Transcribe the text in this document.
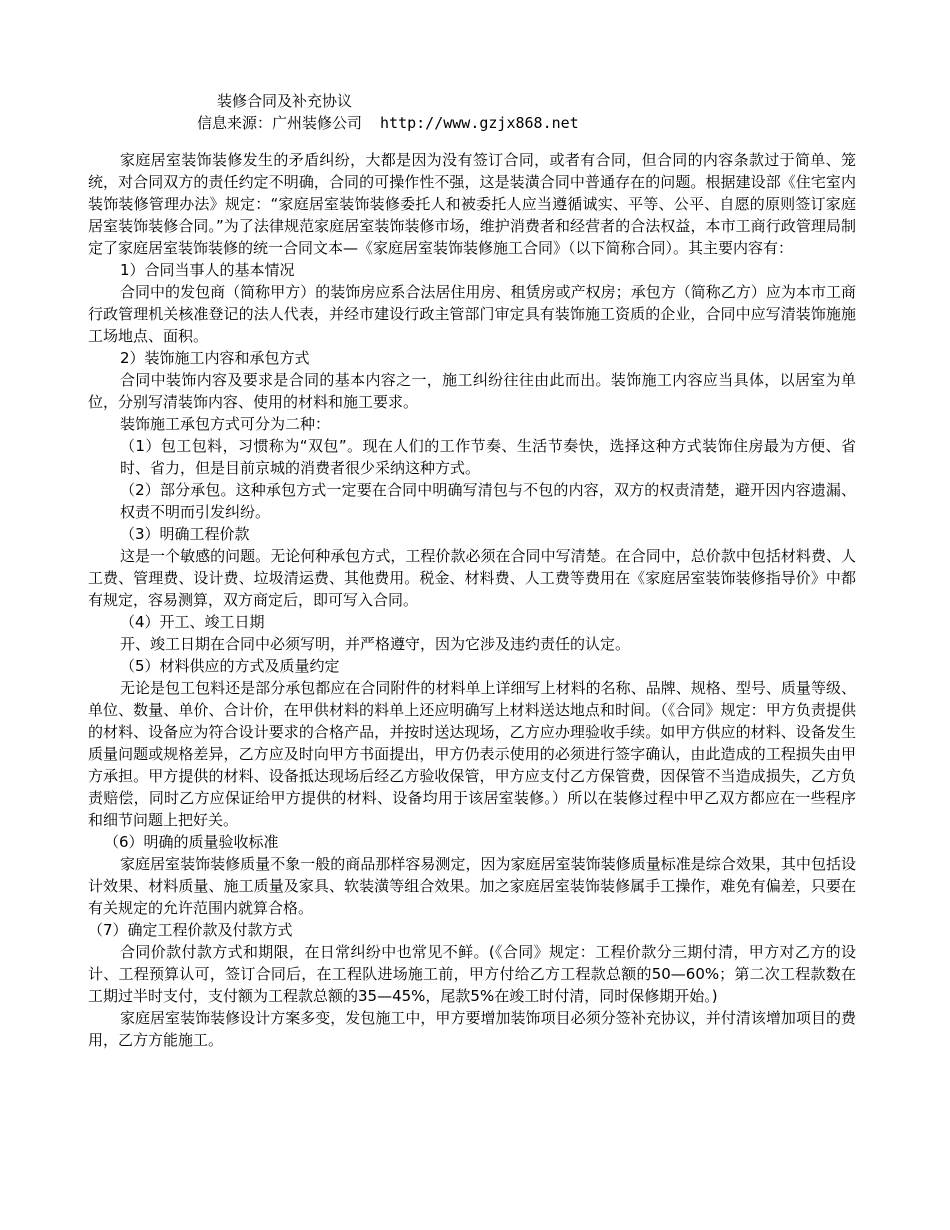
装修合同及补充协议
信息来源：广州装修公司 http://www.gzjx868.net

家庭居室装饰装修发生的矛盾纠纷，大都是因为没有签订合同，或者有合同，但合同的内容条款过于简单、笼统，对合同双方的责任约定不明确，合同的可操作性不强，这是装潢合同中普通存在的问题。根据建设部《住宅室内装饰装修管理办法》规定：“家庭居室装饰装修委托人和被委托人应当遵循诚实、平等、公平、自愿的原则签订家庭居室装饰装修合同。”为了法律规范家庭居室装饰装修市场，维护消费者和经营者的合法权益，本市工商行政管理局制定了家庭居室装饰装修的统一合同文本—《家庭居室装饰装修施工合同》（以下简称合同）。其主要内容有：

1）合同当事人的基本情况

合同中的发包商（简称甲方）的装饰房应系合法居住用房、租赁房或产权房；承包方（简称乙方）应为本市工商行政管理机关核准登记的法人代表，并经市建设行政主管部门审定具有装饰施工资质的企业，合同中应写清装饰施施工场地点、面积。

2）装饰施工内容和承包方式

合同中装饰内容及要求是合同的基本内容之一，施工纠纷往往由此而出。装饰施工内容应当具体，以居室为单位，分别写清装饰内容、使用的材料和施工要求。

装饰施工承包方式可分为二种：

（1）包工包料，习惯称为“双包”。现在人们的工作节奏、生活节奏快，选择这种方式装饰住房最为方便、省时、省力，但是目前京城的消费者很少采纳这种方式。

（2）部分承包。这种承包方式一定要在合同中明确写清包与不包的内容，双方的权责清楚，避开因内容遗漏、权责不明而引发纠纷。

（3）明确工程价款

这是一个敏感的问题。无论何种承包方式，工程价款必须在合同中写清楚。在合同中，总价款中包括材料费、人工费、管理费、设计费、垃圾清运费、其他费用。税金、材料费、人工费等费用在《家庭居室装饰装修指导价》中都有规定，容易测算，双方商定后，即可写入合同。

（4）开工、竣工日期

开、竣工日期在合同中必须写明，并严格遵守，因为它涉及违约责任的认定。

（5）材料供应的方式及质量约定

无论是包工包料还是部分承包都应在合同附件的材料单上详细写上材料的名称、品牌、规格、型号、质量等级、单位、数量、单价、合计价，在甲供材料的料单上还应明确写上材料送达地点和时间。（《合同》规定：甲方负责提供的材料、设备应为符合设计要求的合格产品，并按时送达现场，乙方应办理验收手续。如甲方供应的材料、设备发生质量问题或规格差异，乙方应及时向甲方书面提出，甲方仍表示使用的必须进行签字确认，由此造成的工程损失由甲方承担。甲方提供的材料、设备抵达现场后经乙方验收保管，甲方应支付乙方保管费，因保管不当造成损失，乙方负责赔偿，同时乙方应保证给甲方提供的材料、设备均用于该居室装修。）所以在装修过程中甲乙双方都应在一些程序和细节问题上把好关。

（6）明确的质量验收标准

家庭居室装饰装修质量不象一般的商品那样容易测定，因为家庭居室装饰装修质量标准是综合效果，其中包括设计效果、材料质量、施工质量及家具、软装潢等组合效果。加之家庭居室装饰装修属手工操作，难免有偏差，只要在有关规定的允许范围内就算合格。

（7）确定工程价款及付款方式

合同价款付款方式和期限，在日常纠纷中也常见不鲜。(《合同》规定：工程价款分三期付清，甲方对乙方的设计、工程预算认可，签订合同后，在工程队进场施工前，甲方付给乙方工程款总额的50—60%；第二次工程款数在工期过半时支付，支付额为工程款总额的35—45%，尾款5%在竣工时付清，同时保修期开始。)

家庭居室装饰装修设计方案多变，发包施工中，甲方要增加装饰项目必须分签补充协议，并付清该增加项目的费用，乙方方能施工。
